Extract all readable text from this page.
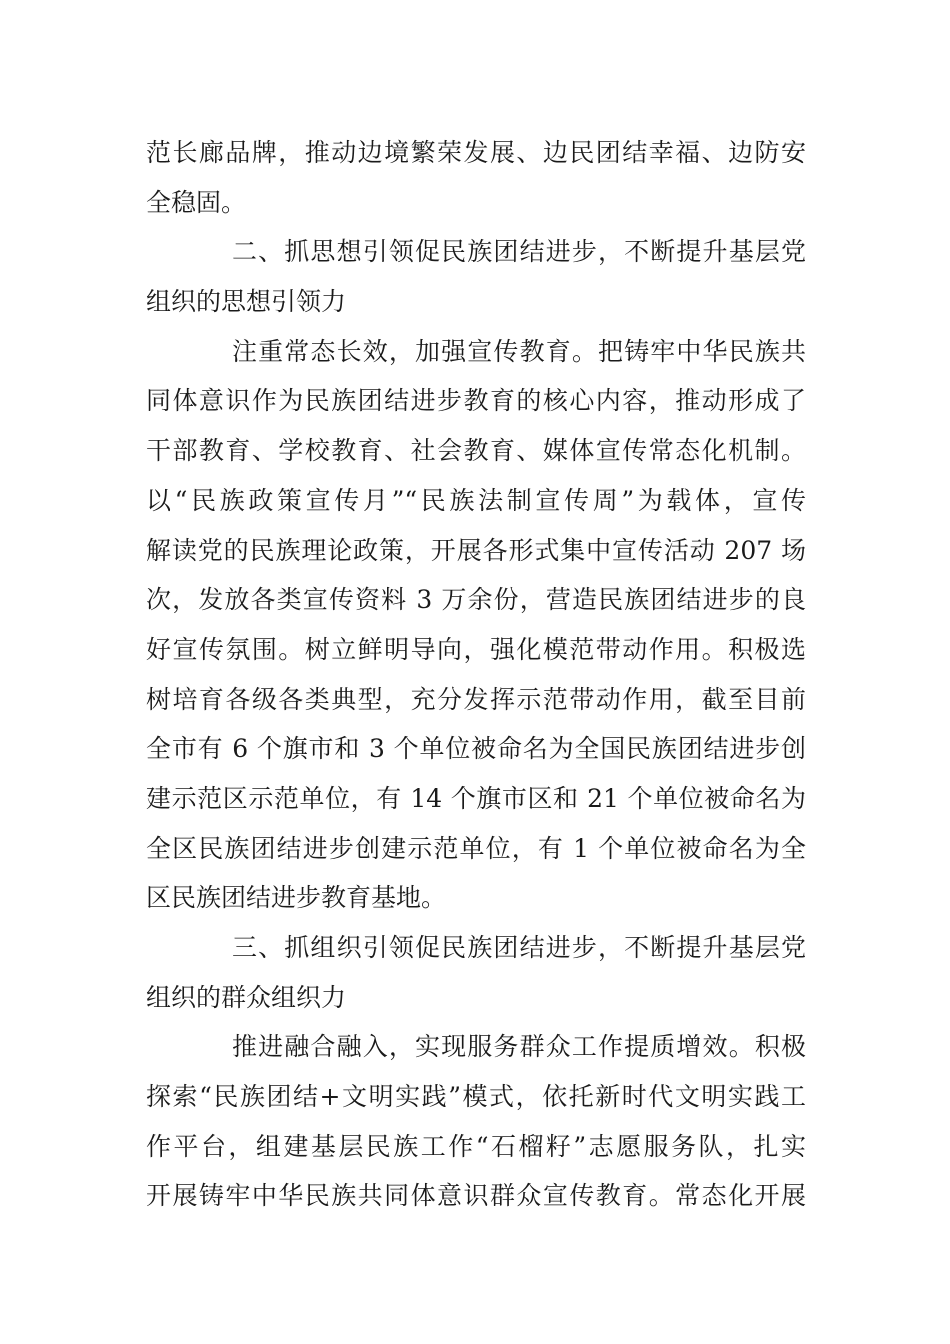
范长廊品牌，推动边境繁荣发展、边民团结幸福、边防安
全稳固。
二、抓思想引领促民族团结进步，不断提升基层党
组织的思想引领力
注重常态长效，加强宣传教育。把铸牢中华民族共
同体意识作为民族团结进步教育的核心内容，推动形成了
干部教育、学校教育、社会教育、媒体宣传常态化机制。
以“民族政策宣传月”“民族法制宣传周”为载体，宣传
解读党的民族理论政策，开展各形式集中宣传活动 207 场
次，发放各类宣传资料 3 万余份，营造民族团结进步的良
好宣传氛围。树立鲜明导向，强化模范带动作用。积极选
树培育各级各类典型，充分发挥示范带动作用，截至目前
全市有 6 个旗市和 3 个单位被命名为全国民族团结进步创
建示范区示范单位，有 14 个旗市区和 21 个单位被命名为
全区民族团结进步创建示范单位，有 1 个单位被命名为全
区民族团结进步教育基地。
三、抓组织引领促民族团结进步，不断提升基层党
组织的群众组织力
推进融合融入，实现服务群众工作提质增效。积极
探索“民族团结+文明实践”模式，依托新时代文明实践工
作平台，组建基层民族工作“石榴籽”志愿服务队，扎实
开展铸牢中华民族共同体意识群众宣传教育。常态化开展
